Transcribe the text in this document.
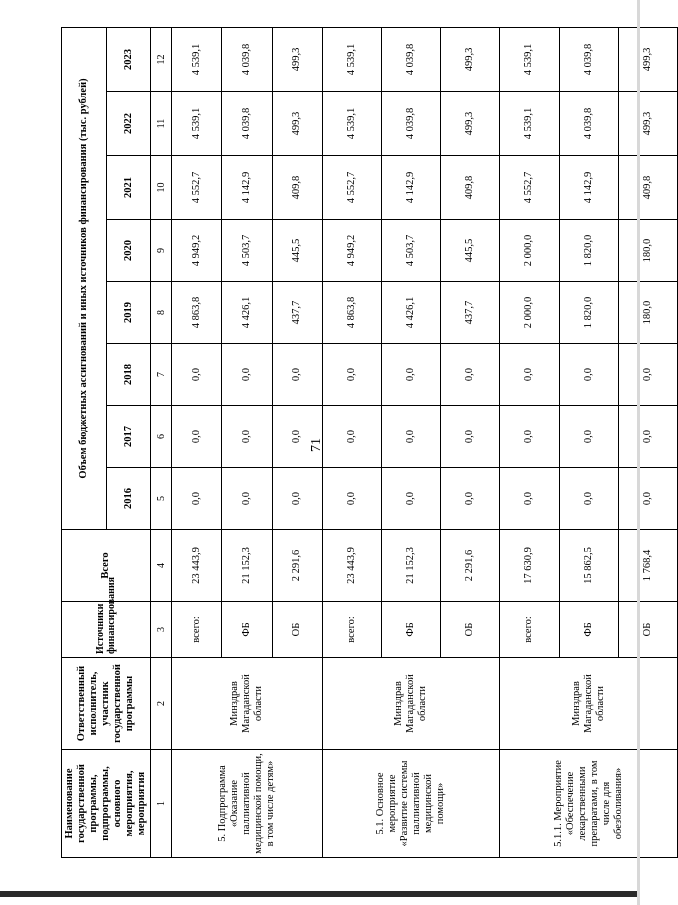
71
Наименование государственной программы, подпрограммы, основного мероприятия, мероприятия	Ответственный исполнитель, участник государственной программы	Источники финансирования	Всего	Объем бюджетных ассигнований и иных источников финансирования (тыс. рублей)							
				2016	2017	2018	2019	2020	2021	2022	2023
1	2	3	4	5	6	7	8	9	10	11	12
5. Подпрограмма «Оказание паллиативной медицинской помощи, в том числе детям»	Минздрав Магаданской области	всего:	23 443,9	0,0	0,0	0,0	4 863,8	4 949,2	4 552,7	4 539,1	4 539,1
		ФБ	21 152,3	0,0	0,0	0,0	4 426,1	4 503,7	4 142,9	4 039,8	4 039,8
		ОБ	2 291,6	0,0	0,0	0,0	437,7	445,5	409,8	499,3	499,3
5.1. Основное мероприятие «Развитие системы паллиативной медицинской помощи»	Минздрав Магаданской области	всего:	23 443,9	0,0	0,0	0,0	4 863,8	4 949,2	4 552,7	4 539,1	4 539,1
		ФБ	21 152,3	0,0	0,0	0,0	4 426,1	4 503,7	4 142,9	4 039,8	4 039,8
		ОБ	2 291,6	0,0	0,0	0,0	437,7	445,5	409,8	499,3	499,3
5.1.1. Мероприятие «Обеспечение лекарственными препаратами, в том числе для обезболивания»	Минздрав Магаданской области	всего:	17 630,9	0,0	0,0	0,0	2 000,0	2 000,0	4 552,7	4 539,1	4 539,1
		ФБ	15 862,5	0,0	0,0	0,0	1 820,0	1 820,0	4 142,9	4 039,8	4 039,8
		ОБ	1 768,4	0,0	0,0	0,0	180,0	180,0	409,8	499,3	499,3
